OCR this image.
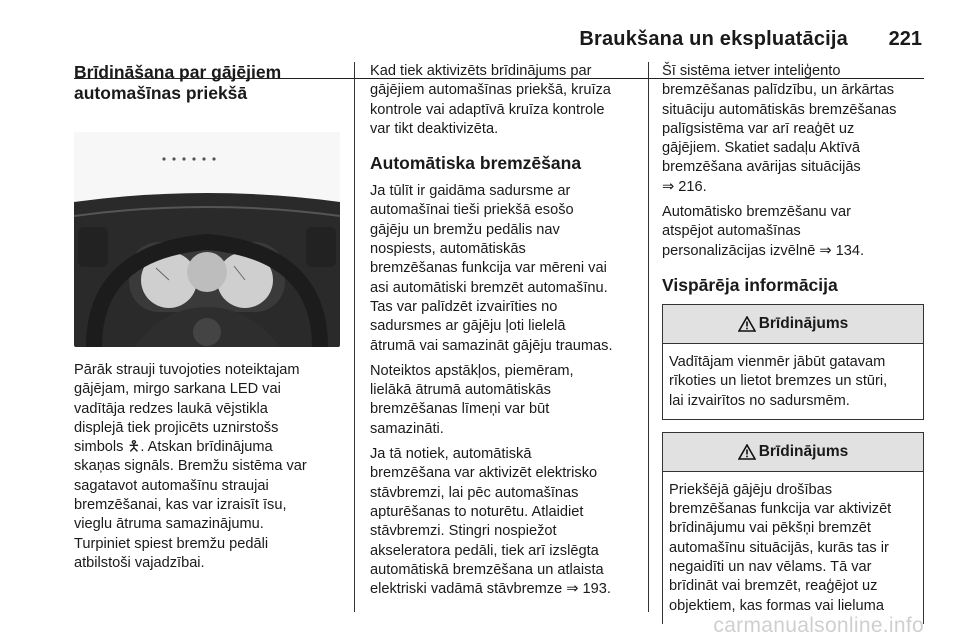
Braukšana un ekspluatācija 221
Brīdināšana par gājējiem
automašīnas priekšā

Pārāk strauji tuvojoties noteiktajam
gājējam, mirgo sarkana LED vai
vadītāja redzes laukā vējstikla
displejā tiek projicēts uznirstošs
simbols 🯅. Atskan brīdinājuma
skaņas signāls. Bremžu sistēma var
sagatavot automašīnu straujai
bremzēšanai, kas var izraisīt īsu,
vieglu ātruma samazinājumu.
Turpiniet spiest bremžu pedāli
atbilstoši vajadzībai.

Kad tiek aktivizēts brīdinājums par
gājējiem automašīnas priekšā, kruīza
kontrole vai adaptīvā kruīza kontrole
var tikt deaktivizēta.

Automātiska bremzēšana

Ja tūlīt ir gaidāma sadursme ar
automašīnai tieši priekšā esošo
gājēju un bremžu pedālis nav
nospiests, automātiskās
bremzēšanas funkcija var mēreni vai
asi automātiski bremzēt automašīnu.
Tas var palīdzēt izvairīties no
sadursmes ar gājēju ļoti lielelā
ātrumā vai samazināt gājēju traumas.

Noteiktos apstākļos, piemēram,
lielākā ātrumā automātiskās
bremzēšanas līmeņi var būt
samazināti.

Ja tā notiek, automātiskā
bremzēšana var aktivizēt elektrisko
stāvbremzi, lai pēc automašīnas
apturēšanas to noturētu. Atlaidiet
stāvbremzi. Stingri nospiežot
akseleratora pedāli, tiek arī izslēgta
automātiskā bremzēšana un atlaista
elektriski vadāmā stāvbremze ⇒ 193.

Šī sistēma ietver inteliģento
bremzēšanas palīdzību, un ārkārtas
situāciju automātiskās bremzēšanas
palīgsistēma var arī reaģēt uz
gājējiem. Skatiet sadaļu Aktīvā
bremzēšana avārijas situācijās
⇒ 216.

Automātisko bremzēšanu var
atspējot automašīnas
personalizācijas izvēlnē ⇒ 134.

Vispārēja informācija
Brīdinājums
Vadītājam vienmēr jābūt gatavam
rīkoties un lietot bremzes un stūri,
lai izvairītos no sadursmēm.
Brīdinājums
Priekšējā gājēju drošības
bremzēšanas funkcija var aktivizēt
brīdinājumu vai pēkšņi bremzēt
automašīnu situācijās, kurās tas ir
negaidīti un nav vēlams. Tā var
brīdināt vai bremzēt, reaģējot uz
objektiem, kas formas vai lieluma
carmanualsonline.info
